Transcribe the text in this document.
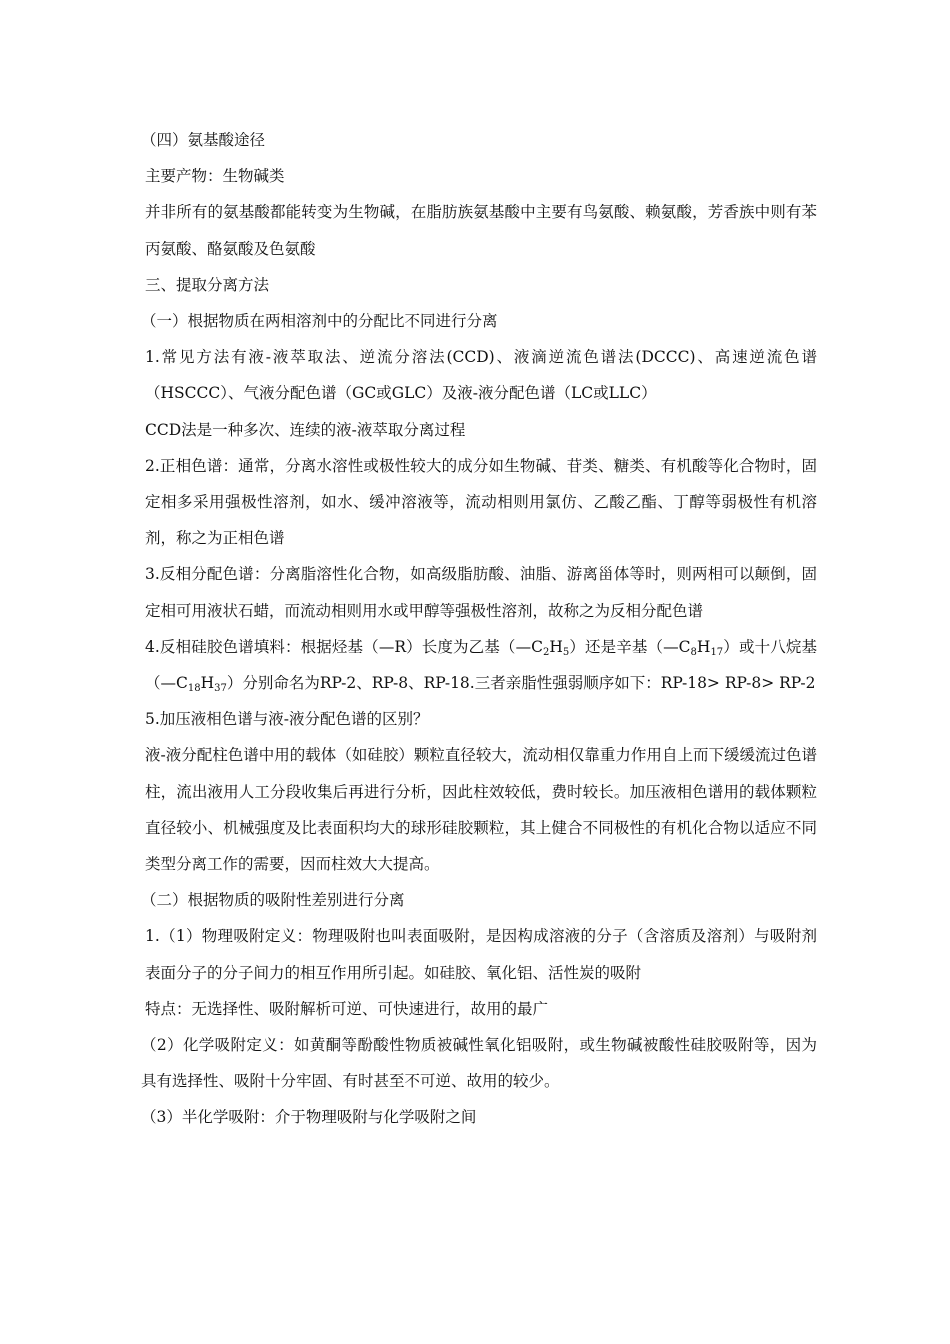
（四）氨基酸途径

主要产物：生物碱类

并非所有的氨基酸都能转变为生物碱，在脂肪族氨基酸中主要有鸟氨酸、赖氨酸，芳香族中则有苯丙氨酸、酪氨酸及色氨酸

三、提取分离方法

（一）根据物质在两相溶剂中的分配比不同进行分离

1.常见方法有液-液萃取法、逆流分溶法(CCD)、液滴逆流色谱法(DCCC)、高速逆流色谱（HSCCC）、气液分配色谱（GC或GLC）及液-液分配色谱（LC或LLC）

CCD法是一种多次、连续的液-液萃取分离过程

2.正相色谱：通常，分离水溶性或极性较大的成分如生物碱、苷类、糖类、有机酸等化合物时，固定相多采用强极性溶剂，如水、缓冲溶液等，流动相则用氯仿、乙酸乙酯、丁醇等弱极性有机溶剂，称之为正相色谱

3.反相分配色谱：分离脂溶性化合物，如高级脂肪酸、油脂、游离甾体等时，则两相可以颠倒，固定相可用液状石蜡，而流动相则用水或甲醇等强极性溶剂，故称之为反相分配色谱

4.反相硅胶色谱填料：根据烃基（—R）长度为乙基$(—C_2H_5)$还是辛基$(—C_8H_{17})$或十八烷基$(—C_{18}H_{37})$分别命名为RP-2、RP-8、RP-18.三者亲脂性强弱顺序如下：RP-18> RP-8> RP-2

5.加压液相色谱与液-液分配色谱的区别？

液-液分配柱色谱中用的载体（如硅胶）颗粒直径较大，流动相仅靠重力作用自上而下缓缓流过色谱柱，流出液用人工分段收集后再进行分析，因此柱效较低，费时较长。加压液相色谱用的载体颗粒直径较小、机械强度及比表面积均大的球形硅胶颗粒，其上健合不同极性的有机化合物以适应不同类型分离工作的需要，因而柱效大大提高。

（二）根据物质的吸附性差别进行分离

1.（1）物理吸附定义：物理吸附也叫表面吸附，是因构成溶液的分子（含溶质及溶剂）与吸附剂表面分子的分子间力的相互作用所引起。如硅胶、氧化铝、活性炭的吸附

特点：无选择性、吸附解析可逆、可快速进行，故用的最广

（2）化学吸附定义：如黄酮等酚酸性物质被碱性氧化铝吸附，或生物碱被酸性硅胶吸附等，因为具有选择性、吸附十分牢固、有时甚至不可逆、故用的较少。

（3）半化学吸附：介于物理吸附与化学吸附之间
